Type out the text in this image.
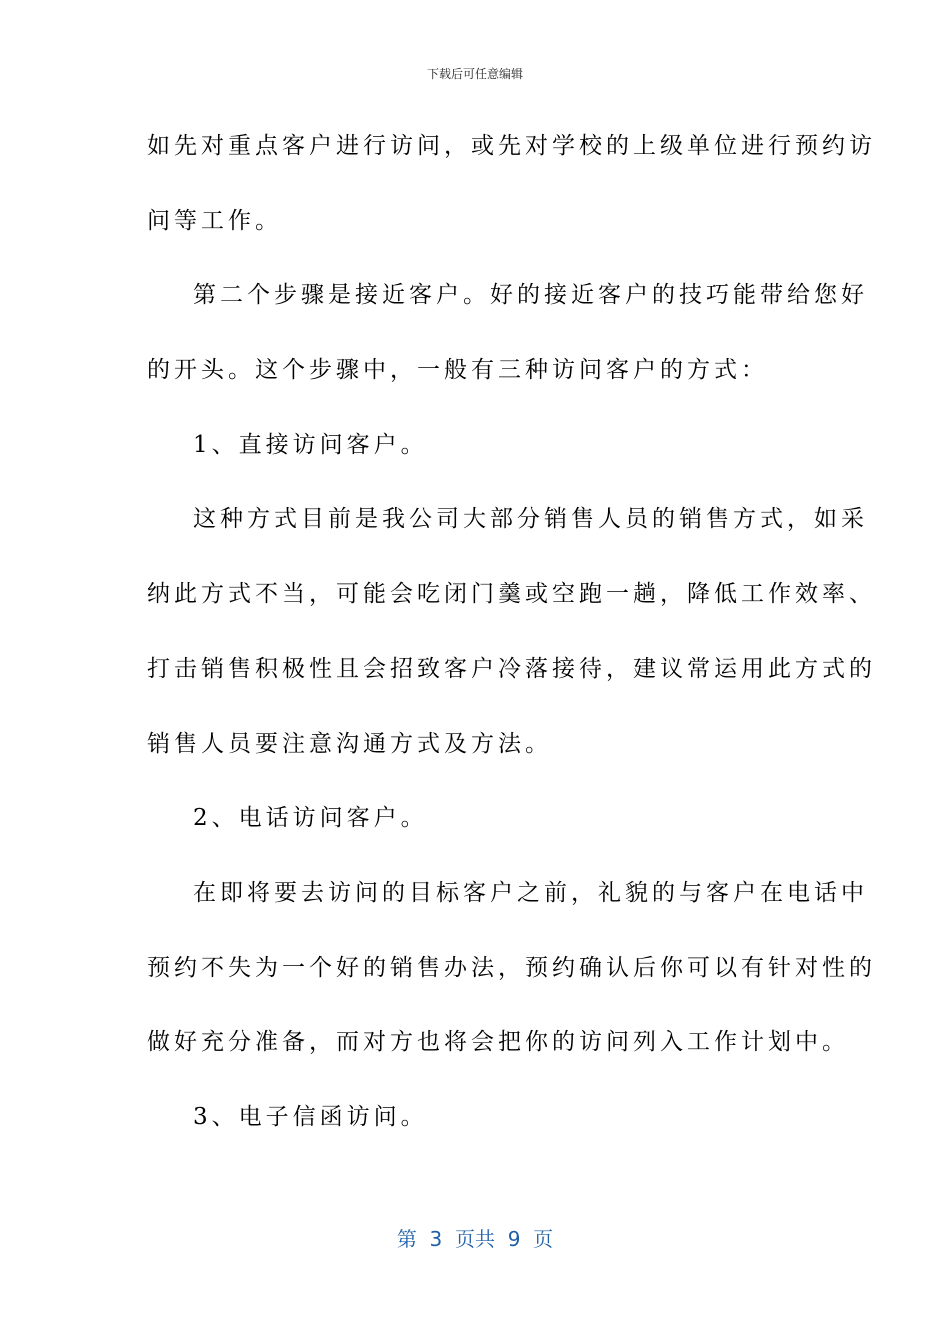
下载后可任意编辑
如先对重点客户进行访问，或先对学校的上级单位进行预约访
问等工作。
第二个步骤是接近客户。好的接近客户的技巧能带给您好
的开头。这个步骤中，一般有三种访问客户的方式：
1、直接访问客户。
这种方式目前是我公司大部分销售人员的销售方式，如采
纳此方式不当，可能会吃闭门羹或空跑一趟，降低工作效率、
打击销售积极性且会招致客户冷落接待，建议常运用此方式的
销售人员要注意沟通方式及方法。
2、电话访问客户。
在即将要去访问的目标客户之前，礼貌的与客户在电话中
预约不失为一个好的销售办法，预约确认后你可以有针对性的
做好充分准备，而对方也将会把你的访问列入工作计划中。
3、电子信函访问。
第  3  页共  9  页
